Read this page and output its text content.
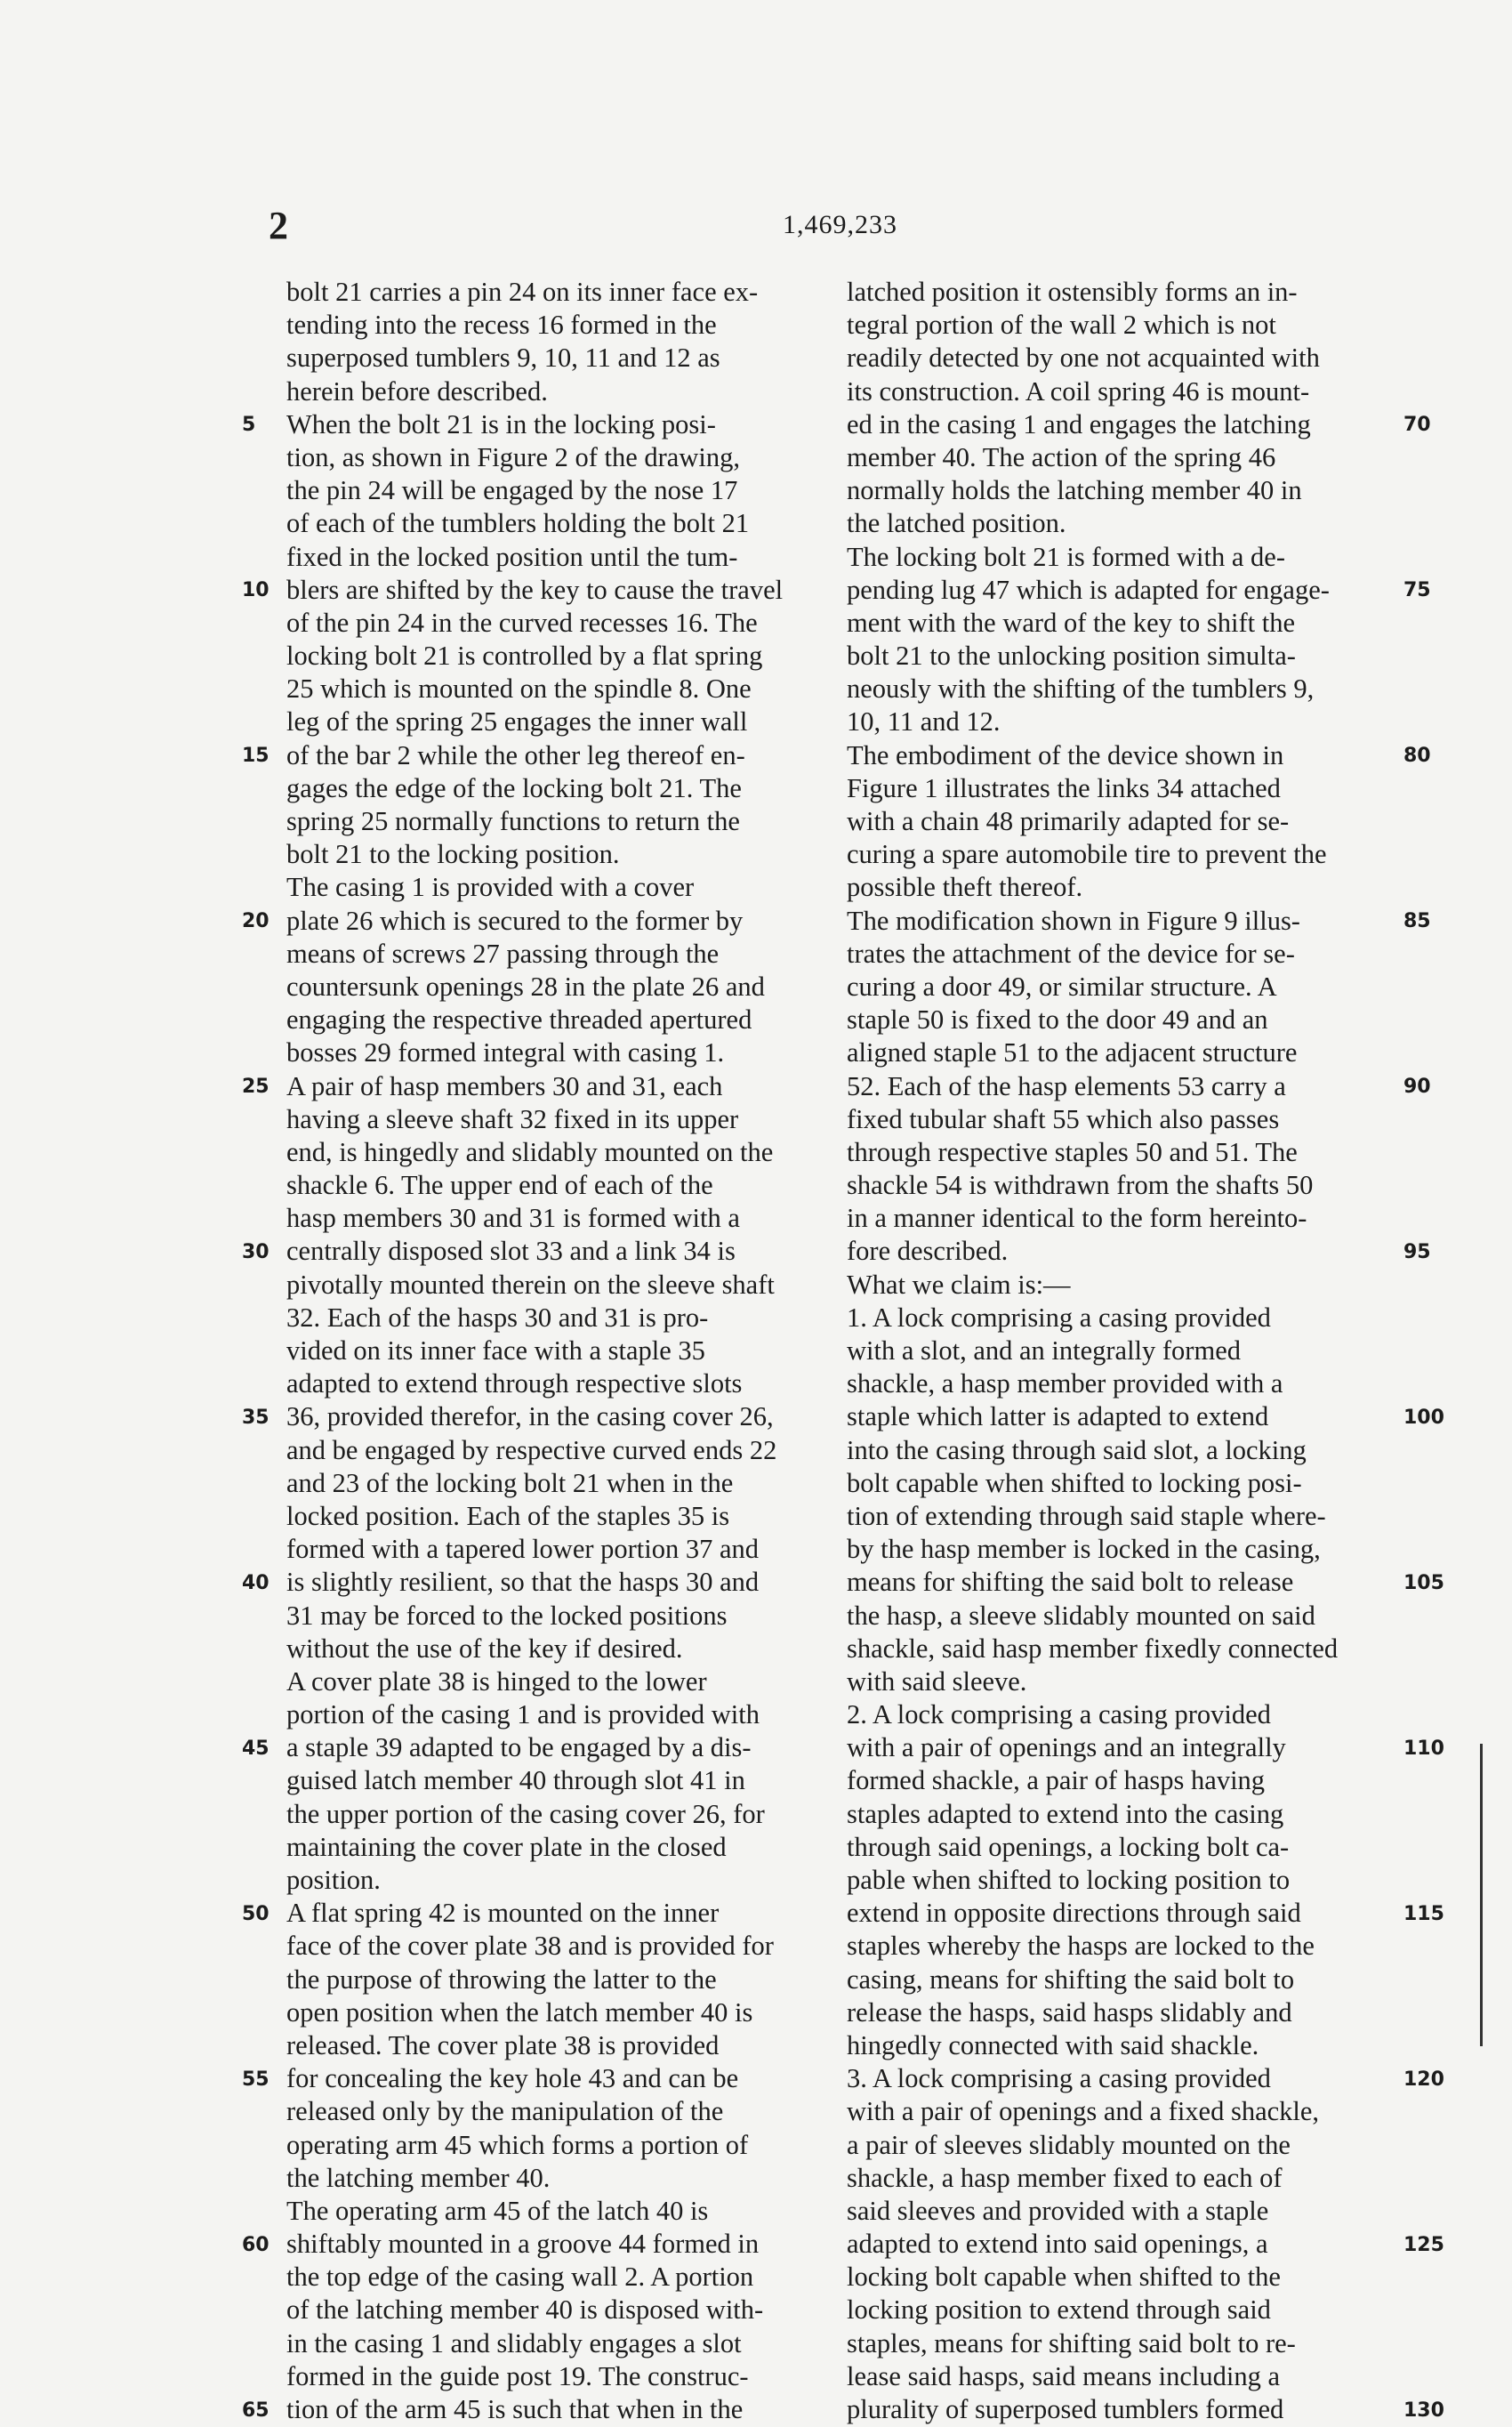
2	1,469,233
bolt 21 carries a pin 24 on its inner face ex-
tending into the recess 16 formed in the
superposed tumblers 9, 10, 11 and 12 as
herein before described.
When the bolt 21 is in the locking posi-
tion, as shown in Figure 2 of the drawing,
the pin 24 will be engaged by the nose 17
of each of the tumblers holding the bolt 21
fixed in the locked position until the tum-
blers are shifted by the key to cause the travel
of the pin 24 in the curved recesses 16. The
locking bolt 21 is controlled by a flat spring
25 which is mounted on the spindle 8. One
leg of the spring 25 engages the inner wall
of the bar 2 while the other leg thereof en-
gages the edge of the locking bolt 21. The
spring 25 normally functions to return the
bolt 21 to the locking position.
The casing 1 is provided with a cover
plate 26 which is secured to the former by
means of screws 27 passing through the
countersunk openings 28 in the plate 26 and
engaging the respective threaded apertured
bosses 29 formed integral with casing 1.
A pair of hasp members 30 and 31, each
having a sleeve shaft 32 fixed in its upper
end, is hingedly and slidably mounted on the
shackle 6. The upper end of each of the
hasp members 30 and 31 is formed with a
centrally disposed slot 33 and a link 34 is
pivotally mounted therein on the sleeve shaft
32. Each of the hasps 30 and 31 is pro-
vided on its inner face with a staple 35
adapted to extend through respective slots
36, provided therefor, in the casing cover 26,
and be engaged by respective curved ends 22
and 23 of the locking bolt 21 when in the
locked position. Each of the staples 35 is
formed with a tapered lower portion 37 and
is slightly resilient, so that the hasps 30 and
31 may be forced to the locked positions
without the use of the key if desired.
A cover plate 38 is hinged to the lower
portion of the casing 1 and is provided with
a staple 39 adapted to be engaged by a dis-
guised latch member 40 through slot 41 in
the upper portion of the casing cover 26, for
maintaining the cover plate in the closed
position.
A flat spring 42 is mounted on the inner
face of the cover plate 38 and is provided for
the purpose of throwing the latter to the
open position when the latch member 40 is
released. The cover plate 38 is provided
for concealing the key hole 43 and can be
released only by the manipulation of the
operating arm 45 which forms a portion of
the latching member 40.
The operating arm 45 of the latch 40 is
shiftably mounted in a groove 44 formed in
the top edge of the casing wall 2. A portion
of the latching member 40 is disposed with-
in the casing 1 and slidably engages a slot
formed in the guide post 19. The construc-
tion of the arm 45 is such that when in the
latched position it ostensibly forms an in-
tegral portion of the wall 2 which is not
readily detected by one not acquainted with
its construction. A coil spring 46 is mount-
ed in the casing 1 and engages the latching
member 40. The action of the spring 46
normally holds the latching member 40 in
the latched position.
The locking bolt 21 is formed with a de-
pending lug 47 which is adapted for engage-
ment with the ward of the key to shift the
bolt 21 to the unlocking position simulta-
neously with the shifting of the tumblers 9,
10, 11 and 12.
The embodiment of the device shown in
Figure 1 illustrates the links 34 attached
with a chain 48 primarily adapted for se-
curing a spare automobile tire to prevent the
possible theft thereof.
The modification shown in Figure 9 illus-
trates the attachment of the device for se-
curing a door 49, or similar structure. A
staple 50 is fixed to the door 49 and an
aligned staple 51 to the adjacent structure
52. Each of the hasp elements 53 carry a
fixed tubular shaft 55 which also passes
through respective staples 50 and 51. The
shackle 54 is withdrawn from the shafts 50
in a manner identical to the form hereinto-
fore described.
What we claim is:—
1. A lock comprising a casing provided
with a slot, and an integrally formed
shackle, a hasp member provided with a
staple which latter is adapted to extend
into the casing through said slot, a locking
bolt capable when shifted to locking posi-
tion of extending through said staple where-
by the hasp member is locked in the casing,
means for shifting the said bolt to release
the hasp, a sleeve slidably mounted on said
shackle, said hasp member fixedly connected
with said sleeve.
2. A lock comprising a casing provided
with a pair of openings and an integrally
formed shackle, a pair of hasps having
staples adapted to extend into the casing
through said openings, a locking bolt ca-
pable when shifted to locking position to
extend in opposite directions through said
staples whereby the hasps are locked to the
casing, means for shifting the said bolt to
release the hasps, said hasps slidably and
hingedly connected with said shackle.
3. A lock comprising a casing provided
with a pair of openings and a fixed shackle,
a pair of sleeves slidably mounted on the
shackle, a hasp member fixed to each of
said sleeves and provided with a staple
adapted to extend into said openings, a
locking bolt capable when shifted to the
locking position to extend through said
staples, means for shifting said bolt to re-
lease said hasps, said means including a
plurality of superposed tumblers formed
5
10
15
20
25
30
35
40
45
50
55
60
65
70
75
80
85
90
95
100
105
110
115
120
125
130
